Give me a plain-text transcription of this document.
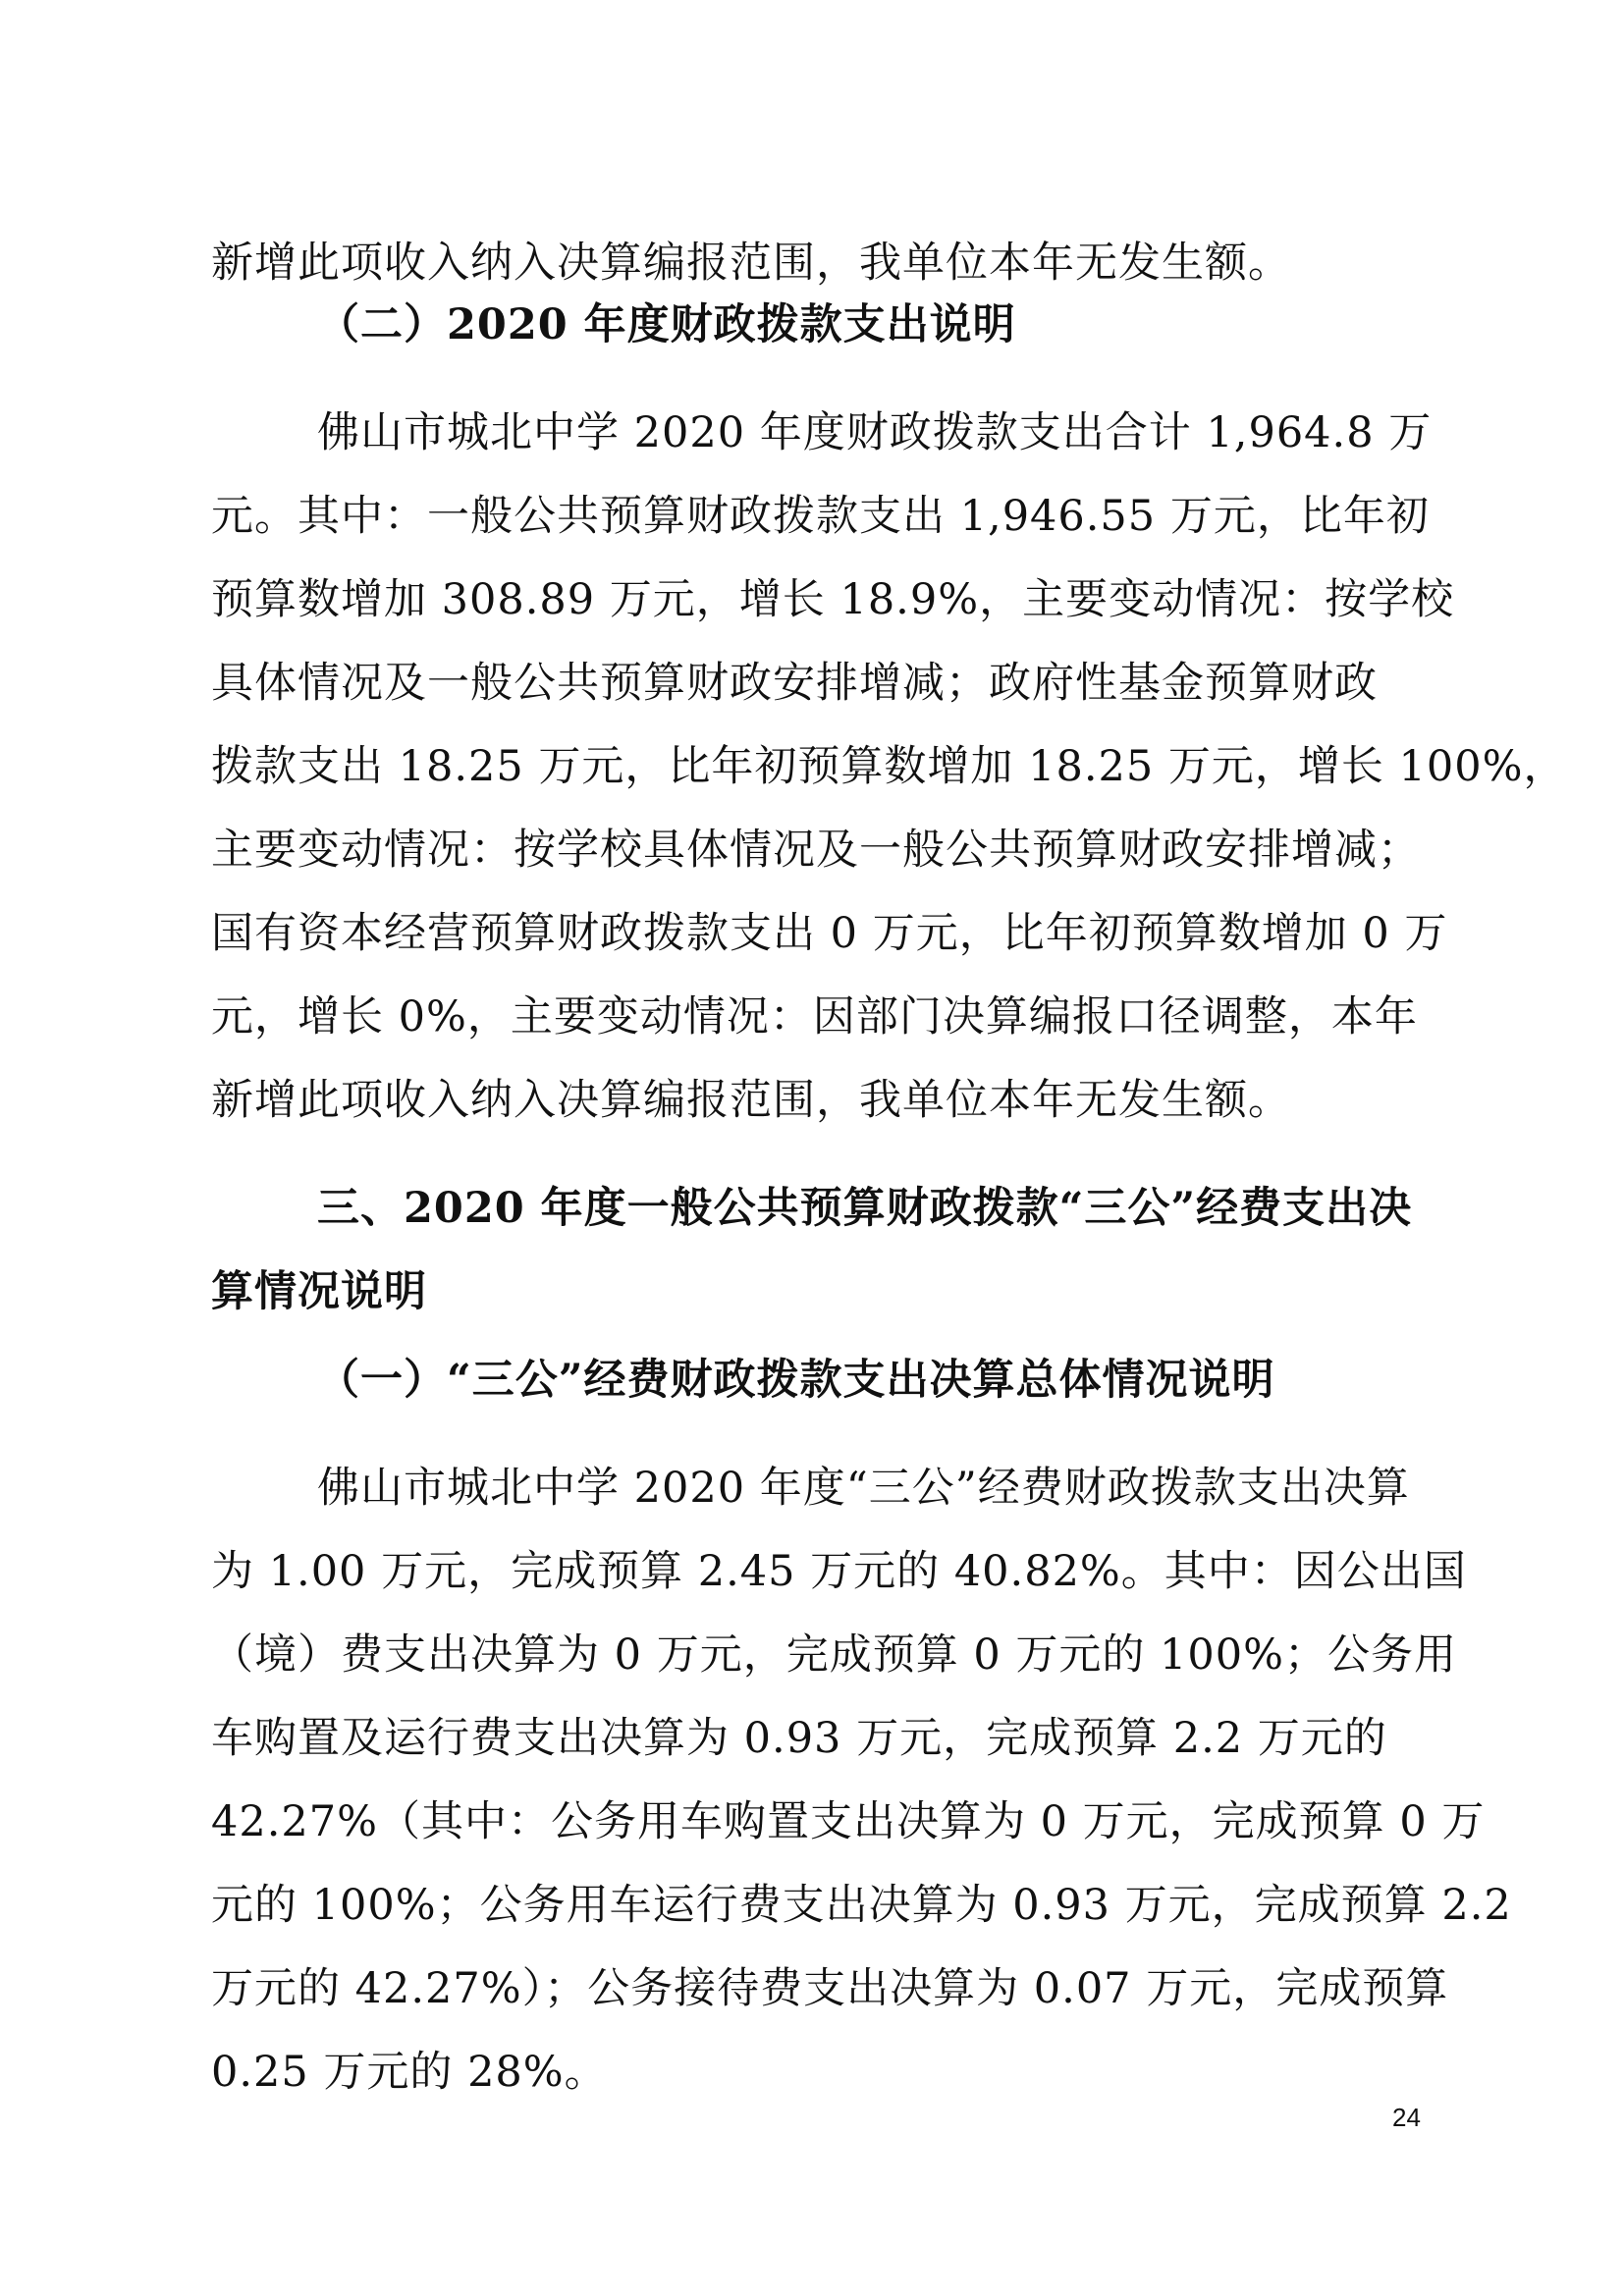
新增此项收入纳入决算编报范围，我单位本年无发生额。
（二）2020 年度财政拨款支出说明
佛山市城北中学 2020 年度财政拨款支出合计 1,964.8 万
元。其中：一般公共预算财政拨款支出 1,946.55 万元，比年初
预算数增加 308.89 万元，增长 18.9%，主要变动情况：按学校
具体情况及一般公共预算财政安排增减；政府性基金预算财政
拨款支出 18.25 万元，比年初预算数增加 18.25 万元，增长 100%，
主要变动情况：按学校具体情况及一般公共预算财政安排增减；
国有资本经营预算财政拨款支出 0 万元，比年初预算数增加 0 万
元，增长 0%，主要变动情况：因部门决算编报口径调整，本年
新增此项收入纳入决算编报范围，我单位本年无发生额。
三、2020 年度一般公共预算财政拨款“三公”经费支出决
算情况说明
（一）“三公”经费财政拨款支出决算总体情况说明
佛山市城北中学 2020 年度“三公”经费财政拨款支出决算
为 1.00 万元，完成预算 2.45 万元的 40.82%。其中：因公出国
（境）费支出决算为 0 万元，完成预算 0 万元的 100%；公务用
车购置及运行费支出决算为 0.93 万元，完成预算 2.2 万元的
42.27%（其中：公务用车购置支出决算为 0 万元，完成预算 0 万
元的 100%；公务用车运行费支出决算为 0.93 万元，完成预算 2.2
万元的 42.27%）；公务接待费支出决算为 0.07 万元，完成预算
0.25 万元的 28%。
24
